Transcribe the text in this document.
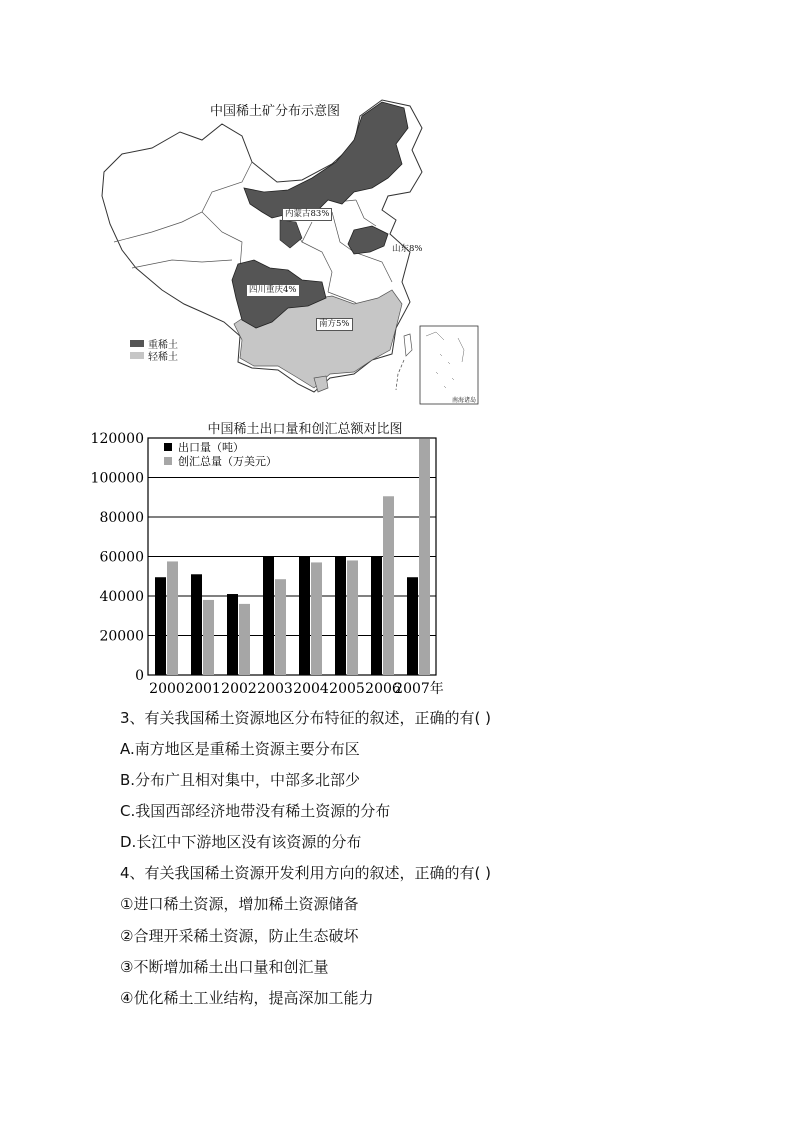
中国稀土矿分布示意图
内蒙古83%
山东8%
四川重庆4%
南方5%
重稀土
轻稀土
南海诸岛
中国稀土出口量和创汇总额对比图
0
20000
40000
60000
80000
100000
120000
2000 2001 2002 2003 2004 2005 2006
2007年
出口量（吨）
创汇总量（万美元）
3、有关我国稀土资源地区分布特征的叙述，正确的有( )
A.南方地区是重稀土资源主要分布区
B.分布广且相对集中，中部多北部少
C.我国西部经济地带没有稀土资源的分布
D.长江中下游地区没有该资源的分布
4、有关我国稀土资源开发利用方向的叙述，正确的有( )
①进口稀土资源，增加稀土资源储备
②合理开采稀土资源，防止生态破坏
③不断增加稀土出口量和创汇量
④优化稀土工业结构，提高深加工能力
